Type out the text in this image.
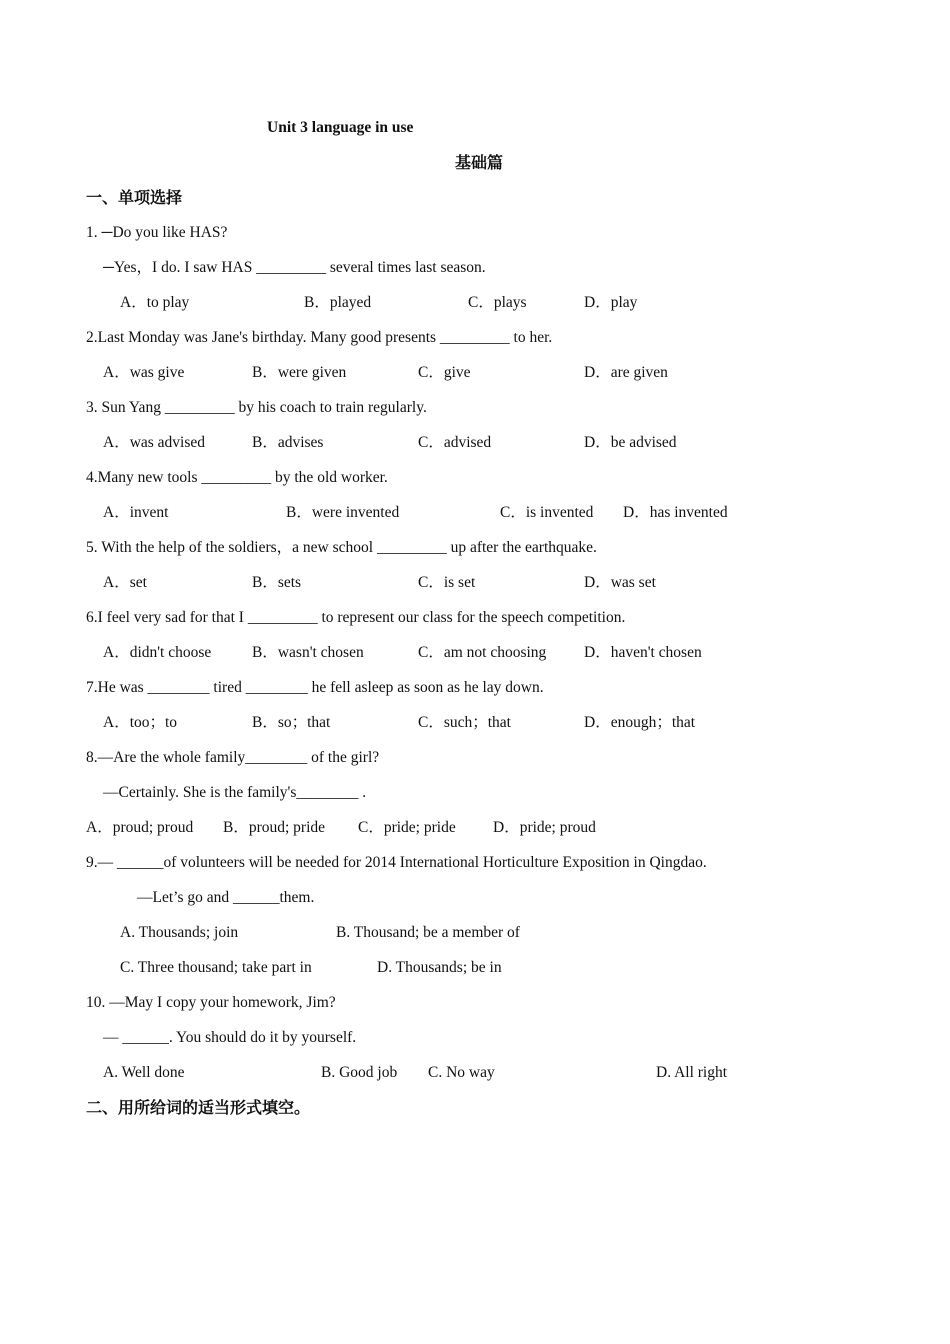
Unit 3 language in use
基础篇
一、单项选择
1. ─Do you like HAS?
─Yes，I do. I saw HAS _________ several times last season.
A．to play	B．played	C．plays	D．play
2.Last Monday was Jane's birthday. Many good presents _________ to her.
A．was give	B．were given	C．give	D．are given
3. Sun Yang _________ by his coach to train regularly.
A．was advised	B．advises	C．advised	D．be advised
4.Many new tools _________ by the old worker.
A．invent	B．were invented	C．is invented D．has invented
5. With the help of the soldiers，a new school _________ up after the earthquake.
A．set	B．sets	C．is set	D．was set
6.I feel very sad for that I _________ to represent our class for the speech competition.
A．didn't choose	B．wasn't chosen	C．am not choosing D．haven't chosen
7.He was ________ tired ________ he fell asleep as soon as he lay down.
A．too；to	B．so；that	C．such；that	D．enough；that
8.—Are the whole family________ of the girl?
—Certainly. She is the family's________ .
A．proud; proud B．proud; pride C．pride; pride D．pride; proud
9.— ______of volunteers will be needed for 2014 International Horticulture Exposition in Qingdao.
—Let’s go and ______them.
A. Thousands; join	B. Thousand; be a member of
C. Three thousand; take part in	D. Thousands; be in
10. —May I copy your homework, Jim?
— ______. You should do it by yourself.
A. Well done	B. Good job C. No way	D. All right
二、用所给词的适当形式填空。
